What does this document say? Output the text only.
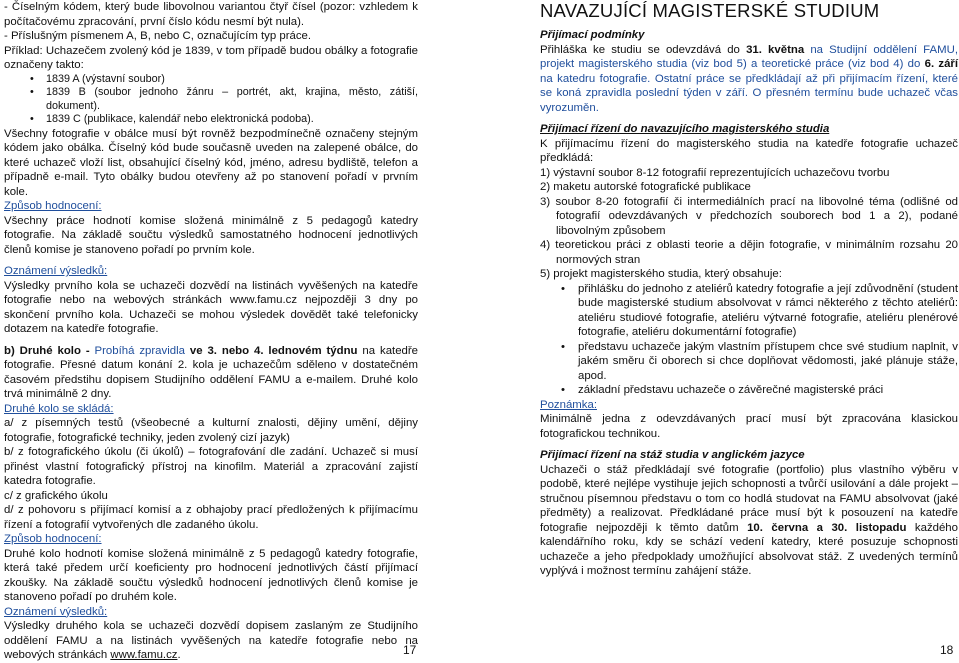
- Číselným kódem, který bude libovolnou variantou čtyř čísel (pozor: vzhledem k počítačovému zpracování, první číslo kódu nesmí být nula).

- Příslušným písmenem A, B, nebo C, označujícím typ práce.

Příklad: Uchazečem zvolený kód je 1839, v tom případě budou obálky a fotografie označeny takto:

• 1839 A (výstavní soubor)

• 1839 B (soubor jednoho žánru – portrét, akt, krajina, město, zátiší, dokument).

• 1839 C (publikace, kalendář nebo elektronická podoba).

Všechny fotografie v obálce musí být rovněž bezpodmínečně označeny stejným kódem jako obálka. Číselný kód bude současně uveden na zalepené obálce, do které uchazeč vloží list, obsahující číselný kód, jméno, adresu bydliště, telefon a případně e-mail. Tyto obálky budou otevřeny až po stanovení pořadí v prvním kole.

Způsob hodnocení:

Všechny práce hodnotí komise složená minimálně z 5 pedagogů katedry fotografie. Na základě součtu výsledků samostatného hodnocení jednotlivých členů komise je stanoveno pořadí po prvním kole.

Oznámení výsledků:

Výsledky prvního kola se uchazeči dozvědí na listinách vyvěšených na katedře fotografie nebo na webových stránkách www.famu.cz nejpozději 3 dny po skončení prvního kola. Uchazeči se mohou výsledek dovědět také telefonicky dotazem na katedře fotografie.

b) Druhé kolo - Probíhá zpravidla ve 3. nebo 4. lednovém týdnu na katedře fotografie. Přesné datum konání 2. kola je uchazečům sděleno v dostatečném časovém předstihu dopisem Studijního oddělení FAMU a e-mailem. Druhé kolo trvá minimálně 2 dny.

Druhé kolo se skládá:

a/ z písemných testů (všeobecné a kulturní znalosti, dějiny umění, dějiny fotografie, fotografické techniky, jeden zvolený cizí jazyk)

b/ z fotografického úkolu (či úkolů) – fotografování dle zadání. Uchazeč si musí přinést vlastní fotografický přístroj na kinofilm. Materiál a zpracování zajistí katedra fotografie.

c/ z grafického úkolu

d/ z pohovoru s přijímací komisí a z obhajoby prací předložených k přijímacímu řízení a fotografií vytvořených dle zadaného úkolu.

Způsob hodnocení:

Druhé kolo hodnotí komise složená minimálně z 5 pedagogů katedry fotografie, která také předem určí koeficienty pro hodnocení jednotlivých částí přijímací zkoušky. Na základě součtu výsledků hodnocení jednotlivých členů komise je stanoveno pořadí po druhém kole.

Oznámení výsledků:

Výsledky druhého kola se uchazeči dozvědí dopisem zaslaným ze Studijního oddělení FAMU a na listinách vyvěšených na katedře fotografie nebo na webových stránkách www.famu.cz.	17

NAVAZUJÍCÍ MAGISTERSKÉ STUDIUM

Přijímací podmínky

Přihláška ke studiu se odevzdává do 31. května na Studijní oddělení FAMU, projekt magisterského studia (viz bod 5) a teoretické práce (viz bod 4) do 6. září na katedru fotografie. Ostatní práce se předkládají až při přijímacím řízení, které se koná zpravidla poslední týden v září. O přesném termínu bude uchazeč včas vyrozuměn.

Přijímací řízení do navazujícího magisterského studia

K přijímacímu řízení do magisterského studia na katedře fotografie uchazeč předkládá:

1) výstavní soubor 8-12 fotografií reprezentujících uchazečovu tvorbu

2) maketu autorské fotografické publikace

3) soubor 8-20 fotografií či intermediálních prací na libovolné téma (odlišné od fotografií odevzdávaných v předchozích souborech bod 1 a 2), podané libovolným způsobem

4) teoretickou práci z oblasti teorie a dějin fotografie, v minimálním rozsahu 20 normových stran

5) projekt magisterského studia, který obsahuje:

• přihlášku do jednoho z ateliérů katedry fotografie a její zdůvodnění (student bude magisterské studium absolvovat v rámci některého z těchto ateliérů: ateliéru studiové fotografie, ateliéru výtvarné fotografie, ateliéru plenérové fotografie, ateliéru dokumentární fotografie)

• představu uchazeče jakým vlastním přístupem chce své studium naplnit, v jakém směru či oborech si chce doplňovat vědomosti, jaké plánuje stáže, apod.

• základní představu uchazeče o závěrečné magisterské práci

Poznámka:

Minimálně jedna z odevzdávaných prací musí být zpracována klasickou fotografickou technikou.

Přijímací řízení na stáž studia v anglickém jazyce

Uchazeči o stáž předkládají své fotografie (portfolio) plus vlastního výběru v podobě, které nejlépe vystihuje jejich schopnosti a tvůrčí usilování a dále projekt – stručnou písemnou představu o tom co hodlá studovat na FAMU absolvovat (jaké předměty) a realizovat. Předkládané práce musí být k posouzení na katedře fotografie nejpozději k těmto datům 10. června a 30. listopadu každého kalendářního roku, kdy se schází vedení katedry, které posuzuje schopnosti uchazeče a jeho předpoklady umožňující absolvovat stáž. Z uvedených termínů vyplývá i možnost termínu zahájení stáže.

18
